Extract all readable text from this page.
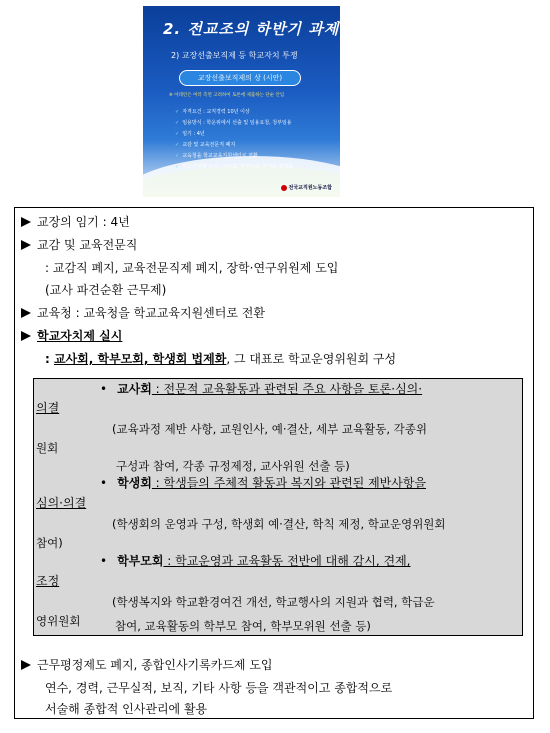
2. 전교조의 하반기 과제
2) 교장선출보직제 등 학교자치 투쟁
교장선출보직제의 상 (시안)
※ 아래안은 여러 측면 고려하여 토론에 제출하는 단순 안임
✓ 자격요건 : 교직경력 10년 이상
✓ 임용방식 : 학운위에서 선출 및 임용요청, 청부임용
✓ 임기 : 4년
✓ 교감 및 교육전문직 폐지
✓ 교육청을 학교교육지원센터로 전환
✓ 학교자치제 실시 : 교사회, 학부모회, 학생회 법제화
전국교직원노동조합
교장의 임기 : 4년
교감 및 교육전문직
: 교감직 폐지, 교육전문직제 폐지, 장학·연구위원제 도입
(교사 파견순환 근무제)
교육청 : 교육청을 학교교육지원센터로 전환
학교자치제 실시
: 교사회, 학부모회, 학생회 법제화, 그 대표로 학교운영위원회 구성
• 교사회 : 전문적 교육활동과 관련된 주요 사항을 토론·심의·
의결
(교육과정 제반 사항, 교원인사, 예·결산, 세부 교육활동, 각종위
원회
구성과 참여, 각종 규정제정, 교사위원 선출 등)
• 학생회 : 학생들의 주체적 활동과 복지와 관련된 제반사항을
심의·의결
(학생회의 운영과 구성, 학생회 예·결산, 학칙 제정, 학교운영위원회
참여)
• 학부모회 : 학교운영과 교육활동 전반에 대해 감시, 견제,
조정
(학생복지와 학교환경여건 개선, 학교행사의 지원과 협력, 학급운
영위원회	참여, 교육활동의 학부모 참여, 학부모위원 선출 등)
근무평정제도 폐지, 종합인사기록카드제 도입
연수, 경력, 근무실적, 보직, 기타 사항 등을 객관적이고 종합적으로
서술해 종합적 인사관리에 활용
